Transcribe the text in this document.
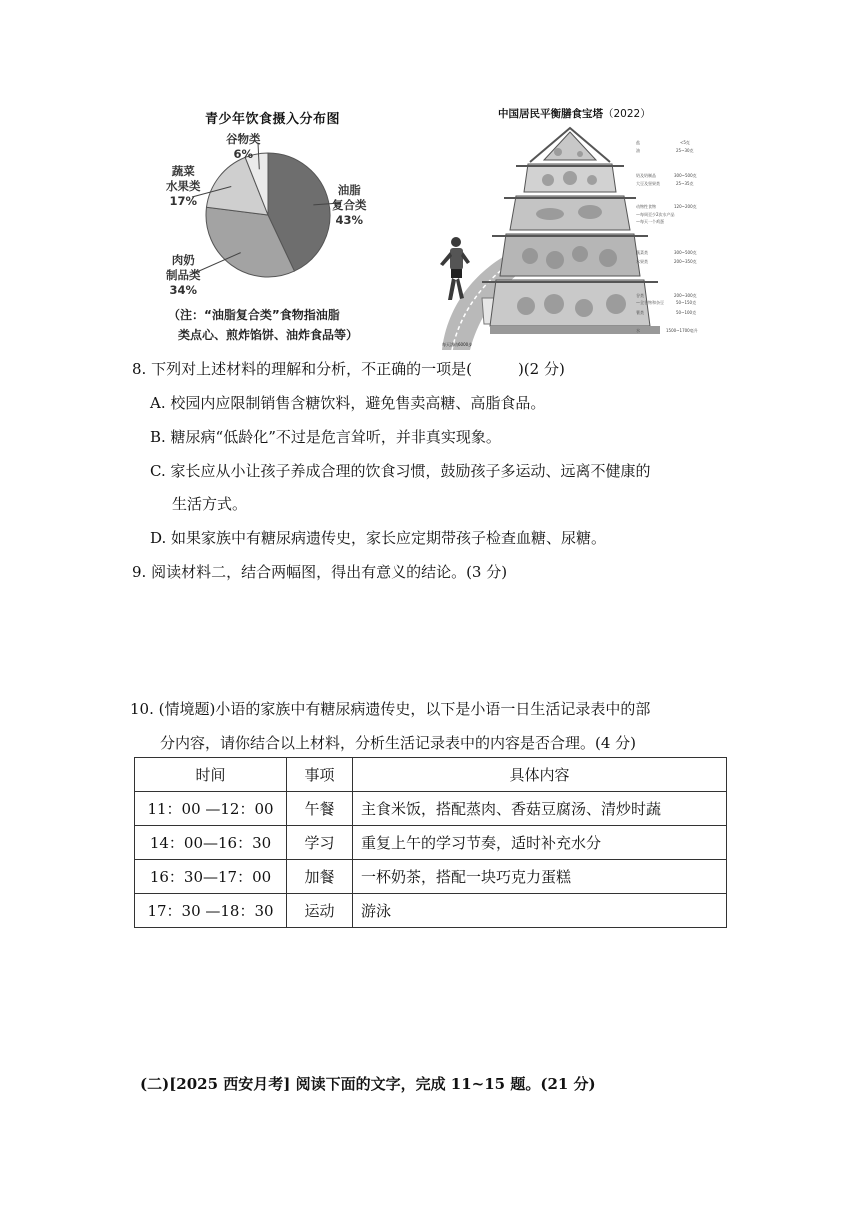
青少年饮食摄入分布图
油脂
复合类
43%
肉奶
制品类
34%
蔬菜
水果类
17%
谷物类
6%
（注：“油脂复合类”食物指油脂
类点心、煎炸馅饼、油炸食品等）
中国居民平衡膳食宝塔（2022）
盐	<5克
油	25~30克
奶及奶制品	300~500克
大豆及坚果类	25~35克
动物性食物	120~200克
—每周至少2次水产品
—每天一个鸡蛋
蔬菜类	300~500克
水果类	200~350克
谷类	200~300克
—全谷物和杂豆	50~150克
薯类	50~100克
水	1500~1700毫升
每天活动6000步
8. 下列对上述材料的理解和分析，不正确的一项是(	)(2 分)
A. 校园内应限制销售含糖饮料，避免售卖高糖、高脂食品。
B. 糖尿病“低龄化”不过是危言耸听，并非真实现象。
C. 家长应从小让孩子养成合理的饮食习惯，鼓励孩子多运动、远离不健康的
生活方式。
D. 如果家族中有糖尿病遗传史，家长应定期带孩子检查血糖、尿糖。
9. 阅读材料二，结合两幅图，得出有意义的结论。(3 分)
10. (情境题)小语的家族中有糖尿病遗传史，以下是小语一日生活记录表中的部
分内容，请你结合以上材料，分析生活记录表中的内容是否合理。(4 分)
时间	事项	具体内容
11：00 —12：00	午餐	主食米饭，搭配蒸肉、香菇豆腐汤、清炒时蔬
14：00—16：30	学习	重复上午的学习节奏，适时补充水分
16：30—17：00	加餐	一杯奶茶，搭配一块巧克力蛋糕
17：30 —18：30	运动	游泳
(二)[2025 西安月考] 阅读下面的文字，完成 11~15 题。(21 分)
